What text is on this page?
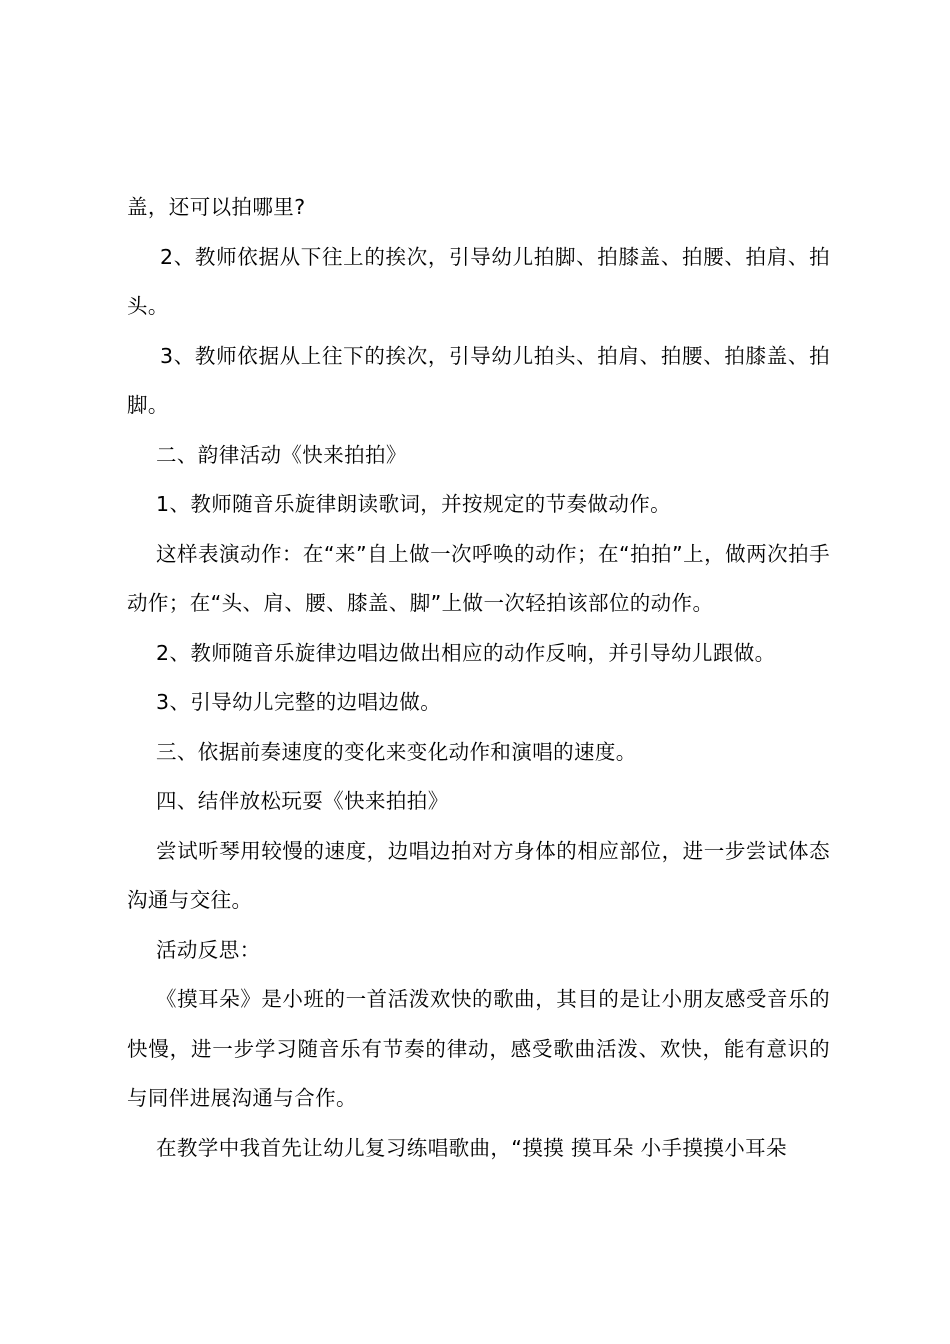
盖，还可以拍哪里?

2、教师依据从下往上的挨次，引导幼儿拍脚、拍膝盖、拍腰、拍肩、拍头。

3、教师依据从上往下的挨次，引导幼儿拍头、拍肩、拍腰、拍膝盖、拍脚。

二、韵律活动《快来拍拍》

1、教师随音乐旋律朗读歌词，并按规定的节奏做动作。

这样表演动作：在“来”自上做一次呼唤的动作；在“拍拍”上，做两次拍手动作；在“头、肩、腰、膝盖、脚”上做一次轻拍该部位的动作。

2、教师随音乐旋律边唱边做出相应的动作反响，并引导幼儿跟做。

3、引导幼儿完整的边唱边做。

三、依据前奏速度的变化来变化动作和演唱的速度。

四、结伴放松玩耍《快来拍拍》

尝试听琴用较慢的速度，边唱边拍对方身体的相应部位，进一步尝试体态沟通与交往。

活动反思：

《摸耳朵》是小班的一首活泼欢快的歌曲，其目的是让小朋友感受音乐的快慢，进一步学习随音乐有节奏的律动，感受歌曲活泼、欢快，能有意识的与同伴进展沟通与合作。

在教学中我首先让幼儿复习练唱歌曲，“摸摸 摸耳朵 小手摸摸小耳朵
